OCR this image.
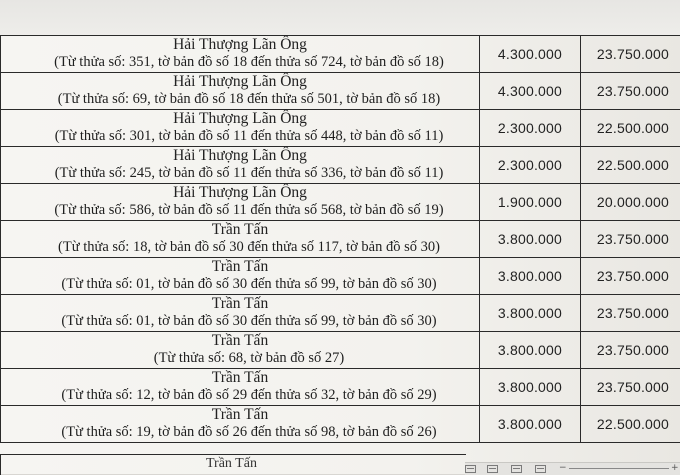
Hải Thượng Lãn Ông
(Từ thửa số: 351, tờ bản đồ số 18 đến thửa số 724, tờ bản đồ số 18)	4.300.000	23.750.000

Hải Thượng Lãn Ông
(Từ thửa số: 69, tờ bản đồ số 18 đến thửa số 501, tờ bản đồ số 18)	4.300.000	23.750.000

Hải Thượng Lãn Ông
(Từ thửa số: 301, tờ bản đồ số 11 đến thửa số 448, tờ bản đồ số 11)	2.300.000	22.500.000

Hải Thượng Lãn Ông
(Từ thửa số: 245, tờ bản đồ số 11 đến thửa số 336, tờ bản đồ số 11)	2.300.000	22.500.000

Hải Thượng Lãn Ông
(Từ thửa số: 586, tờ bản đồ số 11 đến thửa số 568, tờ bản đồ số 19)	1.900.000	20.000.000

Trần Tấn
(Từ thửa số: 18, tờ bản đồ số 30 đến thửa số 117, tờ bản đồ số 30)	3.800.000	23.750.000

Trần Tấn
(Từ thửa số: 01, tờ bản đồ số 30 đến thửa số 99, tờ bản đồ số 30)	3.800.000	23.750.000

Trần Tấn
(Từ thửa số: 01, tờ bản đồ số 30 đến thửa số 99, tờ bản đồ số 30)	3.800.000	23.750.000

Trần Tấn
(Từ thửa số: 68, tờ bản đồ số 27)	3.800.000	23.750.000

Trần Tấn
(Từ thửa số: 12, tờ bản đồ số 29 đến thửa số 32, tờ bản đồ số 29)	3.800.000	23.750.000

Trần Tấn
(Từ thửa số: 19, tờ bản đồ số 26 đến thửa số 98, tờ bản đồ số 26)	3.800.000	22.500.000
Trần Tấn	−	+
